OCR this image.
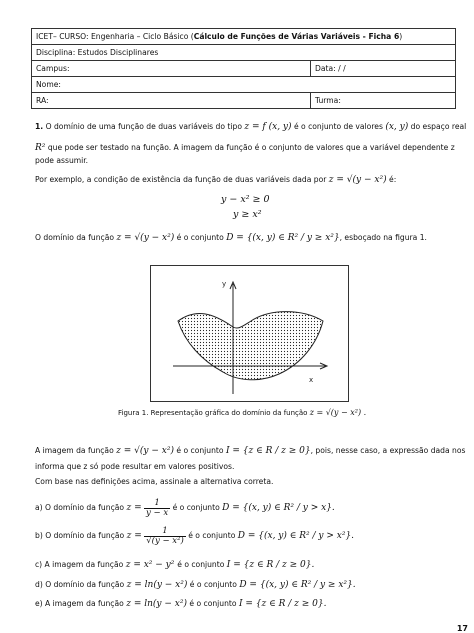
ICET– CURSO: Engenharia – Ciclo Básico (Cálculo de Funções de Várias Variáveis - Ficha 6)	
Disciplina: Estudos Disciplinares	
Campus:	Data: / /
Nome:	
RA:	Turma:
1. O domínio de uma função de duas variáveis do tipo z = f (x, y) é o conjunto de valores (x, y) do espaço real
R² que pode ser testado na função. A imagem da função é o conjunto de valores que a variável dependente z
pode assumir.
Por exemplo, a condição de existência da função de duas variáveis dada por z = √(y − x²) é:
y − x² ≥ 0
y ≥ x²
O domínio da função z = √(y − x²) é o conjunto D = {(x, y) ∈ R² / y ≥ x²}, esboçado na figura 1.
y
x
Figura 1. Representação gráfica do domínio da função z = √(y − x²) .
A imagem da função z = √(y − x²) é o conjunto I = {z ∈ R / z ≥ 0}, pois, nesse caso, a expressão dada nos
informa que z só pode resultar em valores positivos.
Com base nas definições acima, assinale a alternativa correta.
a) O domínio da função $z = \frac{1}{y - x}$ é o conjunto D = {(x, y) ∈ R² / y > x}.
b) O domínio da função $z = \frac{1}{\text{√(y − x²)}}$ é o conjunto D = {(x, y) ∈ R² / y > x²}.
c) A imagem da função z = x² − y² é o conjunto I = {z ∈ R / z ≥ 0}.
d) O domínio da função z = ln(y − x²) é o conjunto D = {(x, y) ∈ R² / y ≥ x²}.
e) A imagem da função z = ln(y − x²) é o conjunto I = {z ∈ R / z ≥ 0}.
17
